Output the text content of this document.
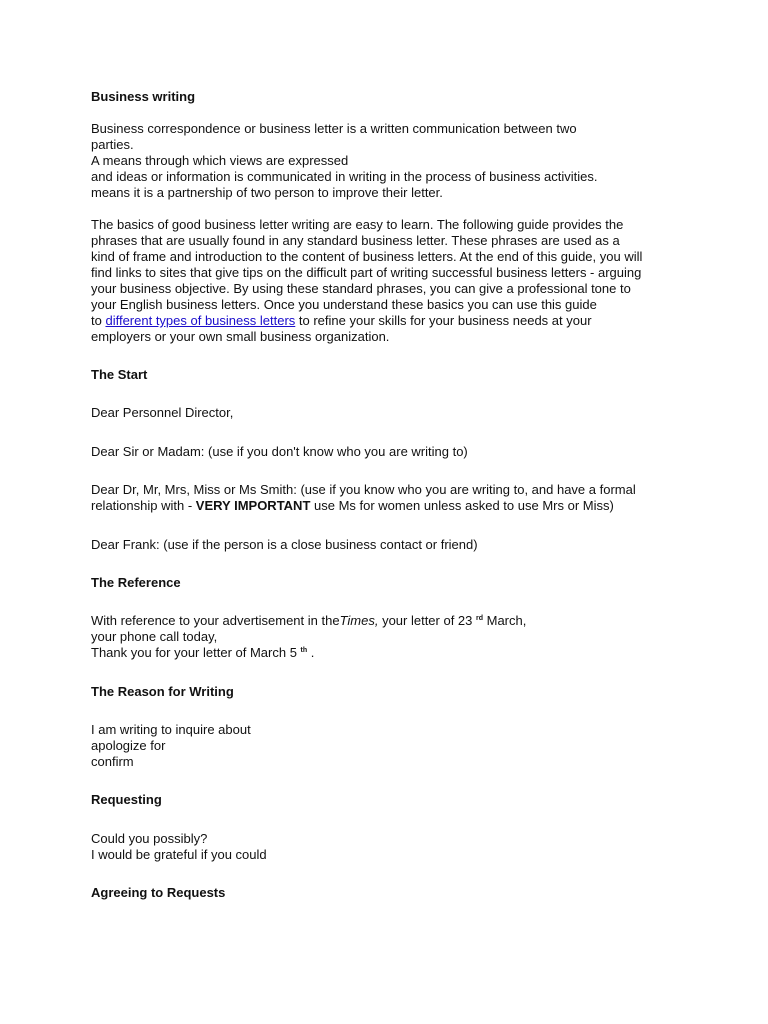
Business writing
Business correspondence or business letter is a written communication between two
parties.
A means through which views are expressed
and ideas or information is communicated in writing in the process of business activities.
means it is a partnership of two person to improve their letter.
The basics of good business letter writing are easy to learn. The following guide provides the
phrases that are usually found in any standard business letter. These phrases are used as a
kind of frame and introduction to the content of business letters. At the end of this guide, you will
find links to sites that give tips on the difficult part of writing successful business letters - arguing
your business objective. By using these standard phrases, you can give a professional tone to
your English business letters. Once you understand these basics you can use this guide
to different types of business letters to refine your skills for your business needs at your
employers or your own small business organization.
The Start
Dear Personnel Director,
Dear Sir or Madam: (use if you don't know who you are writing to)
Dear Dr, Mr, Mrs, Miss or Ms Smith: (use if you know who you are writing to, and have a formal
relationship with - VERY IMPORTANT use Ms for women unless asked to use Mrs or Miss)
Dear Frank: (use if the person is a close business contact or friend)
The Reference
With reference to your advertisement in theTimes, your letter of 23 $^{rd}$ March,
your phone call today,
Thank you for your letter of March 5 $^{th}$ .
The Reason for Writing
I am writing to inquire about
apologize for
confirm
Requesting
Could you possibly?
I would be grateful if you could
Agreeing to Requests
